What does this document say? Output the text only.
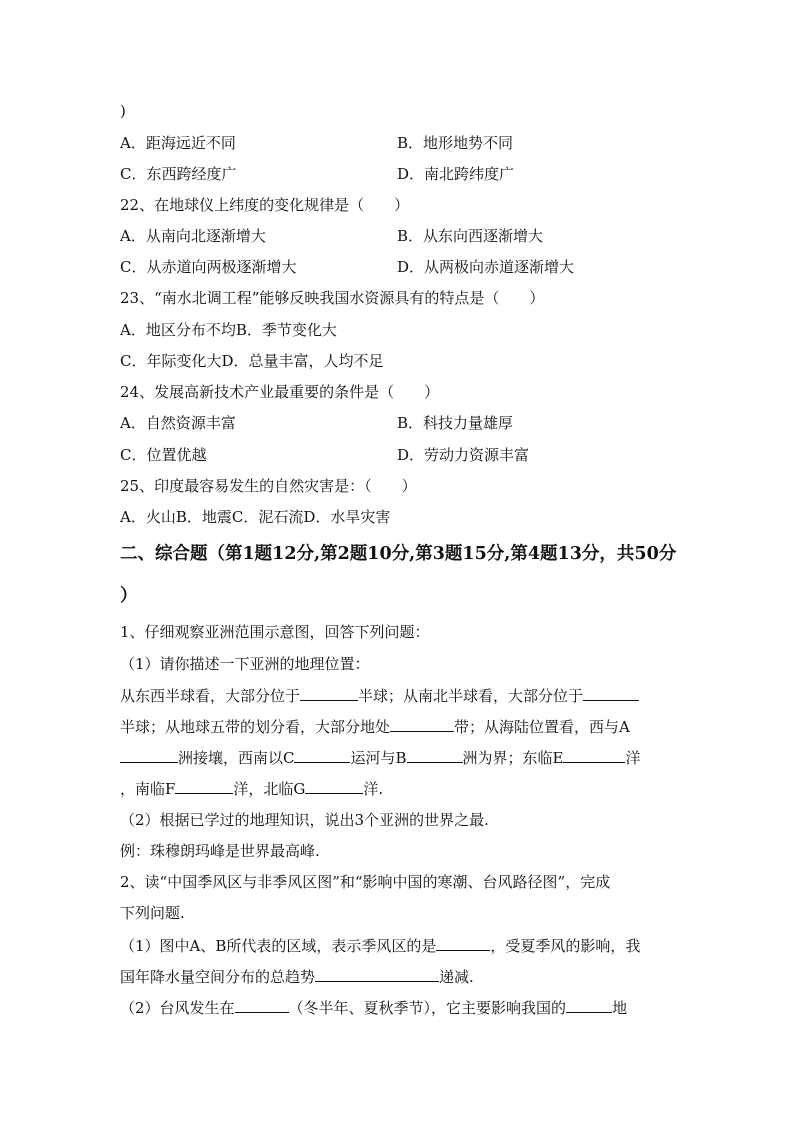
)
A．距海远近不同	B．地形地势不同
C．东西跨经度广	D．南北跨纬度广
22、在地球仪上纬度的变化规律是（　　）
A．从南向北逐渐增大	B．从东向西逐渐增大
C．从赤道向两极逐渐增大	D．从两极向赤道逐渐增大
23、“南水北调工程”能够反映我国水资源具有的特点是（　　）
A．地区分布不均B．季节变化大
C．年际变化大D．总量丰富，人均不足
24、发展高新技术产业最重要的条件是（　　）
A．自然资源丰富	B．科技力量雄厚
C．位置优越	D．劳动力资源丰富
25、印度最容易发生的自然灾害是：（　　）
A．火山B．地震C．泥石流D．水旱灾害
二、综合题（第1题12分,第2题10分,第3题15分,第4题13分，共50分
）
1、仔细观察亚洲范围示意图，回答下列问题：
（1）请你描述一下亚洲的地理位置：
从东西半球看，大部分位于	半球；从南北半球看，大部分位于
半球；从地球五带的划分看，大部分地处	带；从海陆位置看，西与A
洲接壤，西南以C	运河与B	洲为界；东临E	洋
，南临F	洋，北临G	洋.
（2）根据已学过的地理知识，说出3个亚洲的世界之最.
例：珠穆朗玛峰是世界最高峰.
2、读“中国季风区与非季风区图”和“影响中国的寒潮、台风路径图”，完成
下列问题.
（1）图中A、B所代表的区域，表示季风区的是	，受夏季风的影响，我
国年降水量空间分布的总趋势	递减.
（2）台风发生在	（冬半年、夏秋季节），它主要影响我国的	地
